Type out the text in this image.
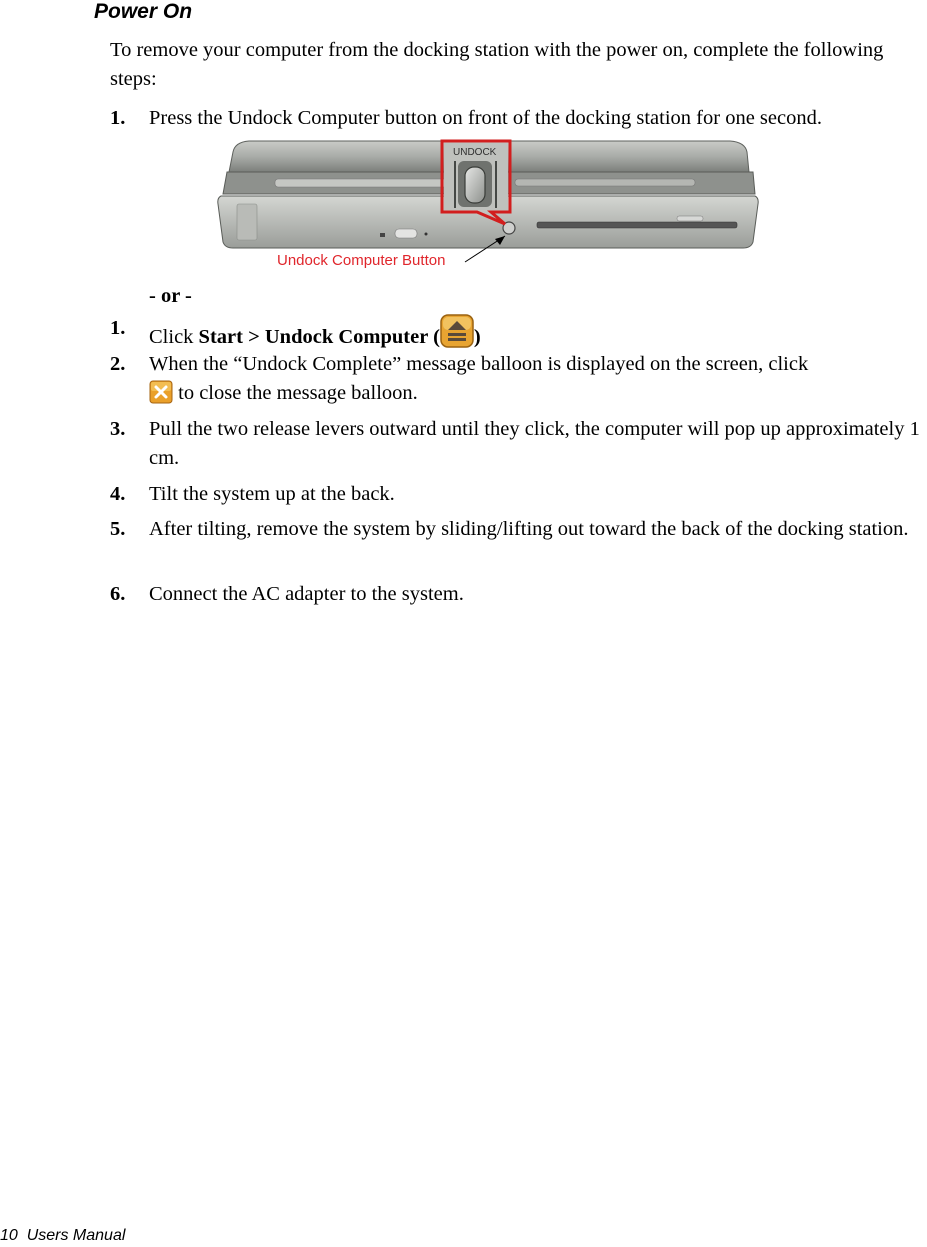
Power On

To remove your computer from the docking station with the power on, complete the following steps:

1. Press the Undock Computer button on front of the docking station for one second.
UNDOCK
Undock Computer Button
- or -
1. Click Start > Undock Computer ( )
2. When the “Undock Complete” message balloon is displayed on the screen, click
to close the message balloon.
3. Pull the two release levers outward until they click, the computer will pop up approximately 1 cm.
4. Tilt the system up at the back.
5. After tilting, remove the system by sliding/lifting out toward the back of the docking station.
6. Connect the AC adapter to the system.
10 Users Manual
